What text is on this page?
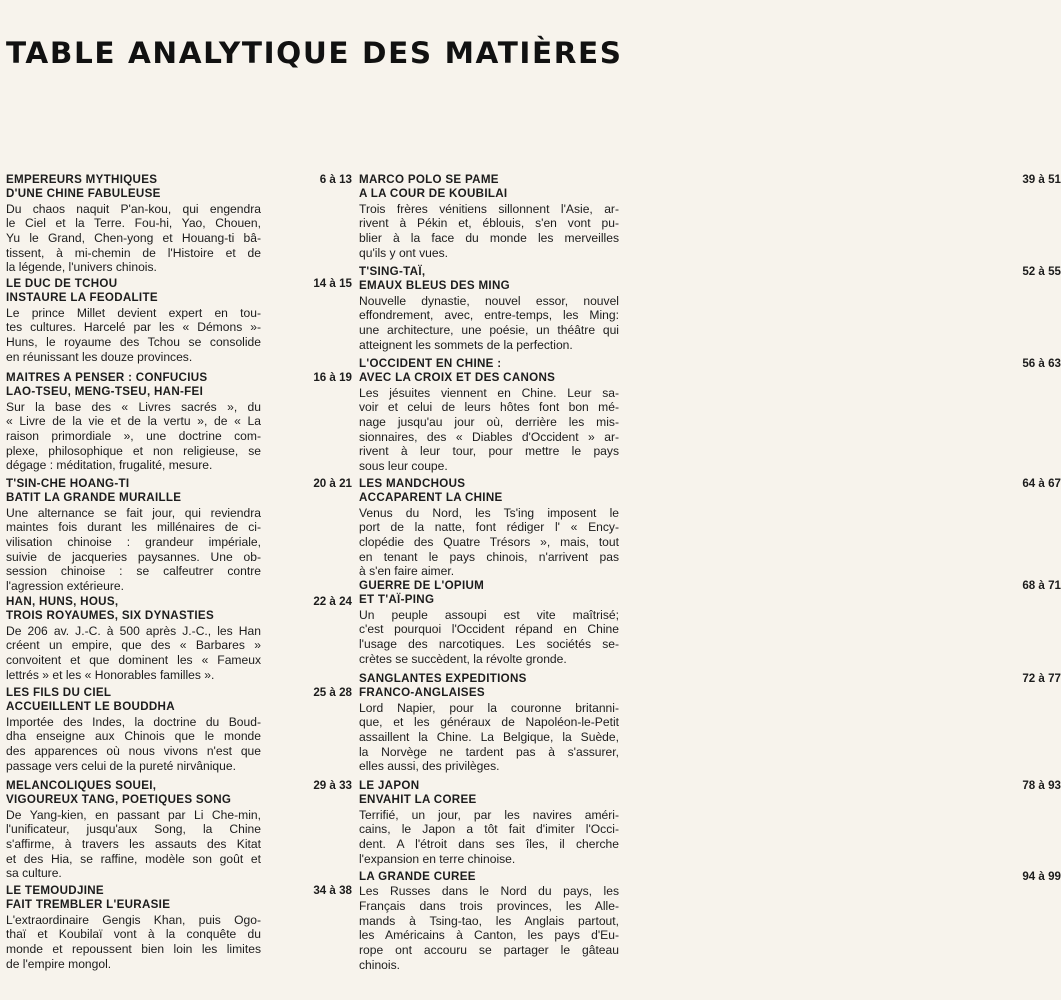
TABLE ANALYTIQUE DES MATIÈRES
6 à 13
EMPEREURS MYTHIQUES
D'UNE CHINE FABULEUSE
Du chaos naquit P'an-kou, qui engendra
le Ciel et la Terre. Fou-hi, Yao, Chouen,
Yu le Grand, Chen-yong et Houang-ti bâ-
tissent, à mi-chemin de l'Histoire et de
la légende, l'univers chinois.
14 à 15
LE DUC DE TCHOU
INSTAURE LA FEODALITE
Le prince Millet devient expert en tou-
tes cultures. Harcelé par les « Démons »-
Huns, le royaume des Tchou se consolide
en réunissant les douze provinces.
16 à 19
MAITRES A PENSER : CONFUCIUS
LAO-TSEU, MENG-TSEU, HAN-FEI
Sur la base des « Livres sacrés », du
« Livre de la vie et de la vertu », de « La
raison primordiale », une doctrine com-
plexe, philosophique et non religieuse, se
dégage : méditation, frugalité, mesure.
20 à 21
T'SIN-CHE HOANG-TI
BATIT LA GRANDE MURAILLE
Une alternance se fait jour, qui reviendra
maintes fois durant les millénaires de ci-
vilisation chinoise : grandeur impériale,
suivie de jacqueries paysannes. Une ob-
session chinoise : se calfeutrer contre
l'agression extérieure.
22 à 24
HAN, HUNS, HOUS,
TROIS ROYAUMES, SIX DYNASTIES
De 206 av. J.-C. à 500 après J.-C., les Han
créent un empire, que des « Barbares »
convoitent et que dominent les « Fameux
lettrés » et les « Honorables familles ».
25 à 28
LES FILS DU CIEL
ACCUEILLENT LE BOUDDHA
Importée des Indes, la doctrine du Boud-
dha enseigne aux Chinois que le monde
des apparences où nous vivons n'est que
passage vers celui de la pureté nirvânique.
29 à 33
MELANCOLIQUES SOUEI,
VIGOUREUX TANG, POETIQUES SONG
De Yang-kien, en passant par Li Che-min,
l'unificateur, jusqu'aux Song, la Chine
s'affirme, à travers les assauts des Kitat
et des Hia, se raffine, modèle son goût et
sa culture.
34 à 38
LE TEMOUDJINE
FAIT TREMBLER L'EURASIE
L'extraordinaire Gengis Khan, puis Ogo-
thaï et Koubilaï vont à la conquête du
monde et repoussent bien loin les limites
de l'empire mongol.
39 à 51
MARCO POLO SE PAME
A LA COUR DE KOUBILAI
Trois frères vénitiens sillonnent l'Asie, ar-
rivent à Pékin et, éblouis, s'en vont pu-
blier à la face du monde les merveilles
qu'ils y ont vues.
52 à 55
T'SING-TAÏ,
EMAUX BLEUS DES MING
Nouvelle dynastie, nouvel essor, nouvel
effondrement, avec, entre-temps, les Ming:
une architecture, une poésie, un théâtre qui
atteignent les sommets de la perfection.
56 à 63
L'OCCIDENT EN CHINE :
AVEC LA CROIX ET DES CANONS
Les jésuites viennent en Chine. Leur sa-
voir et celui de leurs hôtes font bon mé-
nage jusqu'au jour où, derrière les mis-
sionnaires, des « Diables d'Occident » ar-
rivent à leur tour, pour mettre le pays
sous leur coupe.
64 à 67
LES MANDCHOUS
ACCAPARENT LA CHINE
Venus du Nord, les Ts'ing imposent le
port de la natte, font rédiger l' « Ency-
clopédie des Quatre Trésors », mais, tout
en tenant le pays chinois, n'arrivent pas
à s'en faire aimer.
68 à 71
GUERRE DE L'OPIUM
ET T'AÏ-PING
Un peuple assoupi est vite maîtrisé;
c'est pourquoi l'Occident répand en Chine
l'usage des narcotiques. Les sociétés se-
crètes se succèdent, la révolte gronde.
72 à 77
SANGLANTES EXPEDITIONS
FRANCO-ANGLAISES
Lord Napier, pour la couronne britanni-
que, et les généraux de Napoléon-le-Petit
assaillent la Chine. La Belgique, la Suède,
la Norvège ne tardent pas à s'assurer,
elles aussi, des privilèges.
78 à 93
LE JAPON
ENVAHIT LA COREE
Terrifié, un jour, par les navires améri-
cains, le Japon a tôt fait d'imiter l'Occi-
dent. A l'étroit dans ses îles, il cherche
l'expansion en terre chinoise.
94 à 99
LA GRANDE CUREE
Les Russes dans le Nord du pays, les
Français dans trois provinces, les Alle-
mands à Tsing-tao, les Anglais partout,
les Américains à Canton, les pays d'Eu-
rope ont accouru se partager le gâteau
chinois.
